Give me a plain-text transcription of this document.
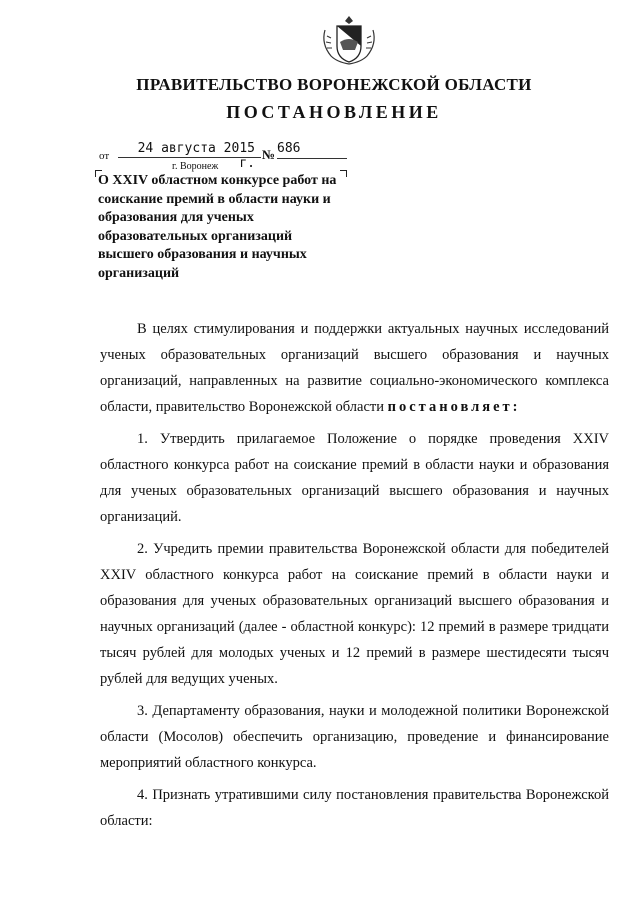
ПРАВИТЕЛЬСТВО ВОРОНЕЖСКОЙ ОБЛАСТИ
ПОСТАНОВЛЕНИЕ
от	24 августа 2015 г.
№ 686
г. Воронеж
О XXIV областном конкурсе работ на соискание премий в области науки и образования для ученых образовательных организаций высшего образования и научных организаций

В целях стимулирования и поддержки актуальных научных исследований ученых образовательных организаций высшего образования и научных организаций, направленных на развитие социально-экономического комплекса области, правительство Воронежской области постановляет:

1. Утвердить прилагаемое Положение о порядке проведения XXIV областного конкурса работ на соискание премий в области науки и образования для ученых образовательных организаций высшего образования и научных организаций.

2. Учредить премии правительства Воронежской области для победителей XXIV областного конкурса работ на соискание премий в области науки и образования для ученых образовательных организаций высшего образования и научных организаций (далее - областной конкурс): 12 премий в размере тридцати тысяч рублей для молодых ученых и 12 премий в размере шестидесяти тысяч рублей для ведущих ученых.

3. Департаменту образования, науки и молодежной политики Воронежской области (Мосолов) обеспечить организацию, проведение и финансирование мероприятий областного конкурса.

4. Признать утратившими силу постановления правительства Воронежской области:
